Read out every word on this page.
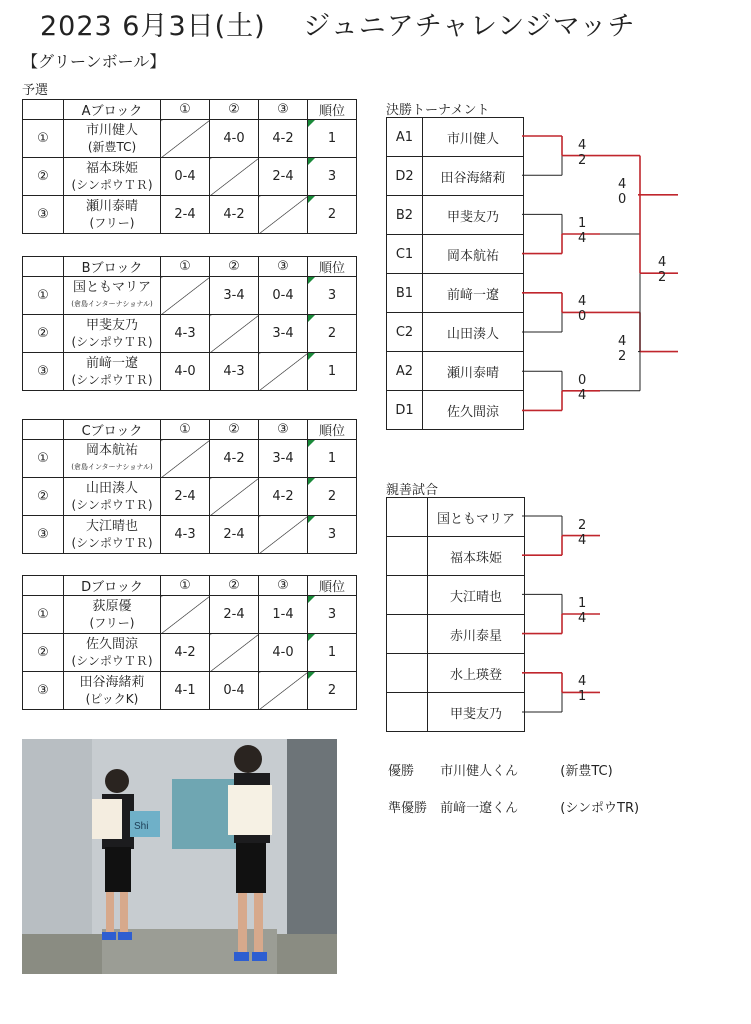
2023 6月3日(土)　 ジュニアチャレンジマッチ
【グリーンボール】
予選
	Aブロック	①	②	③	順位
①	市川健人
(新豊TC)		4-0	4-2	1
②	福本珠姫
(シンポウＴＲ)	0-4		2-4	3
③	瀬川泰晴
(フリー)	2-4	4-2		2
	Bブロック	①	②	③	順位
①	国ともマリア
(倉島インターナショナル)		3-4	0-4	3
②	甲斐友乃
(シンポウＴＲ)	4-3		3-4	2
③	前﨑一遼
(シンポウＴＲ)	4-0	4-3		1
	Cブロック	①	②	③	順位
①	岡本航祐
(倉島インターナショナル)		4-2	3-4	1
②	山田湊人
(シンポウＴＲ)	2-4		4-2	2
③	大江晴也
(シンポウＴＲ)	4-3	2-4		3
	Dブロック	①	②	③	順位
①	荻原優
(フリー)		2-4	1-4	3
②	佐久間涼
(シンポウＴＲ)	4-2		4-0	1
③	田谷海緒莉
(ピックK)	4-1	0-4		2
決勝トーナメント
A1	市川健人
D2	田谷海緒莉
B2	甲斐友乃
C1	岡本航祐
B1	前﨑一遼
C2	山田湊人
A2	瀬川泰晴
D1	佐久間涼
親善試合
	国ともマリア
	福本珠姫
	大江晴也
	赤川泰星
	水上瑛登
	甲斐友乃
4
2
1
4
4
0
0
4
4
0
4
2
4
2
2
4
1
4
4
1
Shi
優勝 市川健人くん	(新豊TC)
準優勝 前﨑一遼くん	(シンポウTR)
